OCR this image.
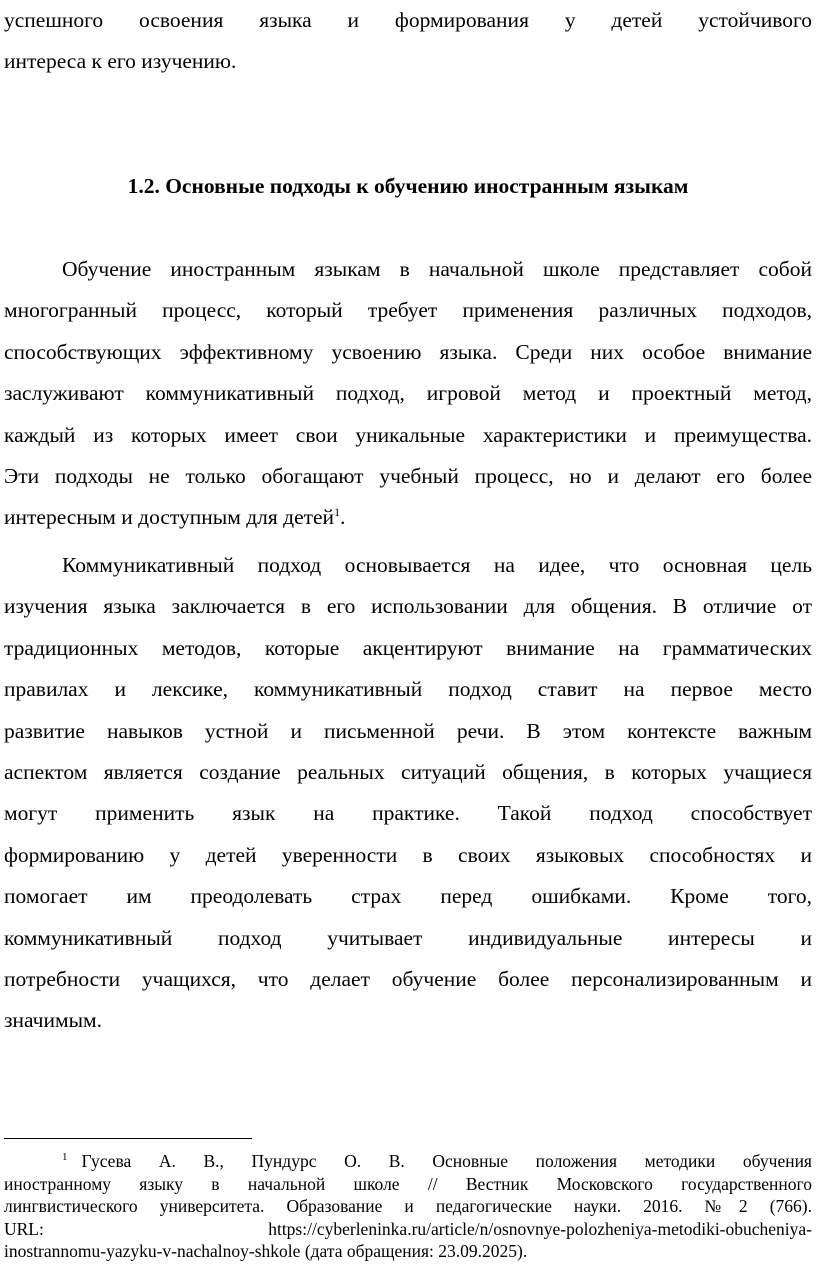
успешного освоения языка и формирования у детей устойчивого
интереса к его изучению.
1.2. Основные подходы к обучению иностранным языкам
Обучение иностранным языкам в начальной школе представляет собой
многогранный процесс, который требует применения различных подходов,
способствующих эффективному усвоению языка. Среди них особое внимание
заслуживают коммуникативный подход, игровой метод и проектный метод,
каждый из которых имеет свои уникальные характеристики и преимущества.
Эти подходы не только обогащают учебный процесс, но и делают его более
интересным и доступным для детей$^1$.
Коммуникативный подход основывается на идее, что основная цель
изучения языка заключается в его использовании для общения. В отличие от
традиционных методов, которые акцентируют внимание на грамматических
правилах и лексике, коммуникативный подход ставит на первое место
развитие навыков устной и письменной речи. В этом контексте важным
аспектом является создание реальных ситуаций общения, в которых учащиеся
могут применить язык на практике. Такой подход способствует
формированию у детей уверенности в своих языковых способностях и
помогает им преодолевать страх перед ошибками. Кроме того,
коммуникативный подход учитывает индивидуальные интересы и
потребности учащихся, что делает обучение более персонализированным и
значимым.
$^1$ Гусева А. В., Пундурс О. В. Основные положения методики обучения
иностранному языку в начальной школе // Вестник Московского государственного
лингвистического университета. Образование и педагогические науки. 2016. №2 (766).
URL: https://cyberleninka.ru/article/n/osnovnye-polozheniya-metodiki-obucheniya-
inostrannomu-yazyku-v-nachalnoy-shkole (дата обращения: 23.09.2025).
